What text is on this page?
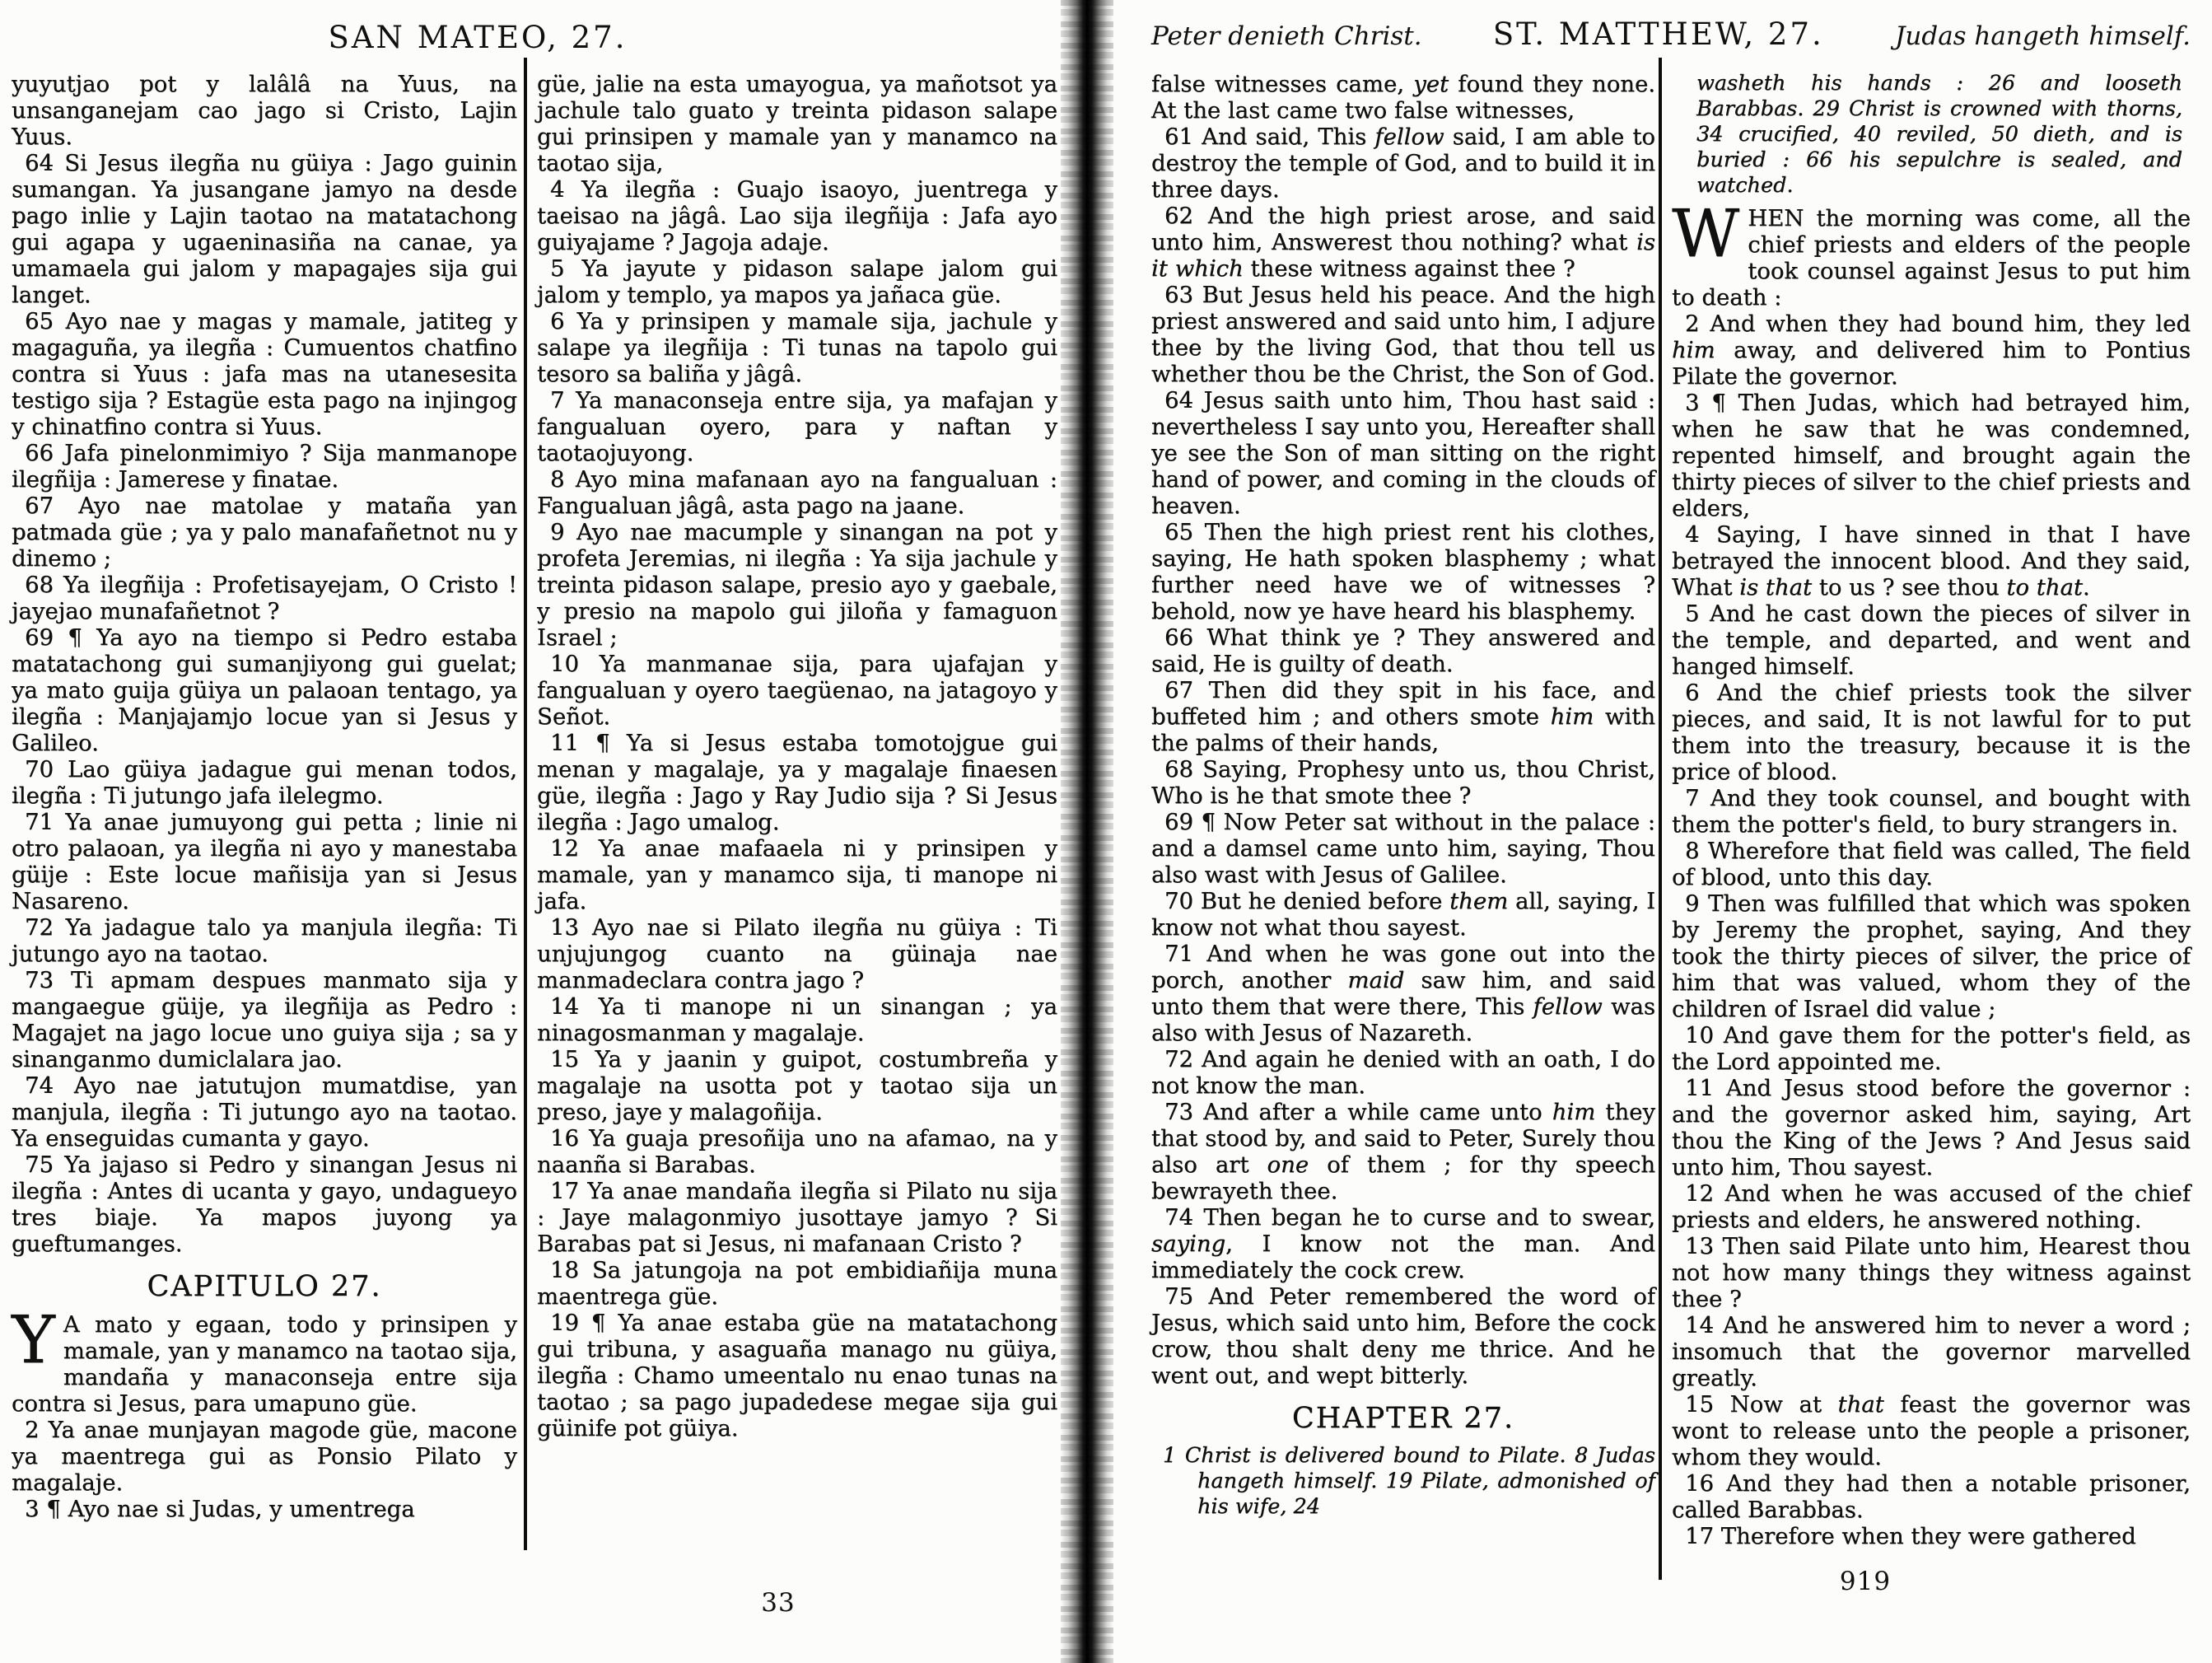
SAN MATEO, 27.

yuyutjao pot y lalâlâ na Yuus, na unsanganejam cao jago si Cristo, Lajin Yuus.

64 Si Jesus ilegña nu güiya : Jago guinin sumangan. Ya jusangane jamyo na desde pago inlie y Lajin taotao na matatachong gui agapa y ugaeninasiña na canae, ya umamaela gui jalom y mapagajes sija gui langet.

65 Ayo nae y magas y mamale, jatiteg y magaguña, ya ilegña : Cumuentos chatfino contra si Yuus : jafa mas na utanesesita testigo sija ? Estagüe esta pago na injingog y chinatfino contra si Yuus.

66 Jafa pinelonmimiyo ? Sija manmanope ilegñija : Jamerese y finatae.

67 Ayo nae matolae y mataña yan patmada güe ; ya y palo manafañetnot nu y dinemo ;

68 Ya ilegñija : Profetisayejam, O Cristo ! jayejao munafañetnot ?

69 ¶ Ya ayo na tiempo si Pedro estaba matatachong gui sumanjiyong gui guelat; ya mato guija güiya un palaoan tentago, ya ilegña : Manjajamjo locue yan si Jesus y Galileo.

70 Lao güiya jadague gui menan todos, ilegña : Ti jutungo jafa ilelegmo.

71 Ya anae jumuyong gui petta ; linie ni otro palaoan, ya ilegña ni ayo y manestaba güije : Este locue mañisija yan si Jesus Nasareno.

72 Ya jadague talo ya manjula ilegña: Ti jutungo ayo na taotao.

73 Ti apmam despues manmato sija y mangaegue güije, ya ilegñija as Pedro : Magajet na jago locue uno guiya sija ; sa y sinanganmo dumiclalara jao.

74 Ayo nae jatutujon mumatdise, yan manjula, ilegña : Ti jutungo ayo na taotao. Ya enseguidas cumanta y gayo.

75 Ya jajaso si Pedro y sinangan Jesus ni ilegña : Antes di ucanta y gayo, undagueyo tres biaje. Ya mapos juyong ya gueftumanges.

CAPITULO 27.

Y A mato y egaan, todo y prinsipen y mamale, yan y manamco na taotao sija, mandaña y manaconseja entre sija contra si Jesus, para umapuno güe.

2 Ya anae munjayan magode güe, macone ya maentrega gui as Ponsio Pilato y magalaje.

3 ¶ Ayo nae si Judas, y umentrega

güe, jalie na esta umayogua, ya mañotsot ya jachule talo guato y treinta pidason salape gui prinsipen y mamale yan y manamco na taotao sija,

4 Ya ilegña : Guajo isaoyo, juentrega y taeisao na jâgâ. Lao sija ilegñija : Jafa ayo guiyajame ? Jagoja adaje.

5 Ya jayute y pidason salape jalom gui jalom y templo, ya mapos ya jañaca güe.

6 Ya y prinsipen y mamale sija, jachule y salape ya ilegñija : Ti tunas na tapolo gui tesoro sa baliña y jâgâ.

7 Ya manaconseja entre sija, ya mafajan y fangualuan oyero, para y naftan y taotaojuyong.

8 Ayo mina mafanaan ayo na fangualuan : Fangualuan jâgâ, asta pago na jaane.

9 Ayo nae macumple y sinangan na pot y profeta Jeremias, ni ilegña : Ya sija jachule y treinta pidason salape, presio ayo y gaebale, y presio na mapolo gui jiloña y famaguon Israel ;

10 Ya manmanae sija, para ujafajan y fangualuan y oyero taegüenao, na jatagoyo y Señot.

11 ¶ Ya si Jesus estaba tomotojgue gui menan y magalaje, ya y magalaje finaesen güe, ilegña : Jago y Ray Judio sija ? Si Jesus ilegña : Jago umalog.

12 Ya anae mafaaela ni y prinsipen y mamale, yan y manamco sija, ti manope ni jafa.

13 Ayo nae si Pilato ilegña nu güiya : Ti unjujungog cuanto na güinaja nae manmadeclara contra jago ?

14 Ya ti manope ni un sinangan ; ya ninagosmanman y magalaje.

15 Ya y jaanin y guipot, costumbreña y magalaje na usotta pot y taotao sija un preso, jaye y malagoñija.

16 Ya guaja presoñija uno na afamao, na y naanña si Barabas.

17 Ya anae mandaña ilegña si Pilato nu sija : Jaye malagonmiyo jusottaye jamyo ? Si Barabas pat si Jesus, ni mafanaan Cristo ?

18 Sa jatungoja na pot embidiañija muna maentrega güe.

19 ¶ Ya anae estaba güe na matatachong gui tribuna, y asaguaña manago nu güiya, ilegña : Chamo umeentalo nu enao tunas na taotao ; sa pago jupadedese megae sija gui güinife pot güiya.

33
Peter denieth Christ. ST. MATTHEW, 27.	Judas hangeth himself.

false witnesses came, yet found they none. At the last came two false witnesses,

61 And said, This fellow said, I am able to destroy the temple of God, and to build it in three days.

62 And the high priest arose, and said unto him, Answerest thou nothing? what is it which these witness against thee ?

63 But Jesus held his peace. And the high priest answered and said unto him, I adjure thee by the living God, that thou tell us whether thou be the Christ, the Son of God.

64 Jesus saith unto him, Thou hast said : nevertheless I say unto you, Hereafter shall ye see the Son of man sitting on the right hand of power, and coming in the clouds of heaven.

65 Then the high priest rent his clothes, saying, He hath spoken blasphemy ; what further need have we of witnesses ? behold, now ye have heard his blasphemy.

66 What think ye ? They answered and said, He is guilty of death.

67 Then did they spit in his face, and buffeted him ; and others smote him with the palms of their hands,

68 Saying, Prophesy unto us, thou Christ, Who is he that smote thee ?

69 ¶ Now Peter sat without in the palace : and a damsel came unto him, saying, Thou also wast with Jesus of Galilee.

70 But he denied before them all, saying, I know not what thou sayest.

71 And when he was gone out into the porch, another maid saw him, and said unto them that were there, This fellow was also with Jesus of Nazareth.

72 And again he denied with an oath, I do not know the man.

73 And after a while came unto him they that stood by, and said to Peter, Surely thou also art one of them ; for thy speech bewrayeth thee.

74 Then began he to curse and to swear, saying, I know not the man. And immediately the cock crew.

75 And Peter remembered the word of Jesus, which said unto him, Before the cock crow, thou shalt deny me thrice. And he went out, and wept bitterly.

CHAPTER 27.

1 Christ is delivered bound to Pilate. 8 Judas hangeth himself. 19 Pilate, admonished of his wife, 24

washeth his hands : 26 and looseth Barabbas. 29 Christ is crowned with thorns, 34 crucified, 40 reviled, 50 dieth, and is buried : 66 his sepulchre is sealed, and watched.

WHEN the morning was come, all the chief priests and elders of the people took counsel against Jesus to put him to death :

2 And when they had bound him, they led him away, and delivered him to Pontius Pilate the governor.

3 ¶ Then Judas, which had betrayed him, when he saw that he was condemned, repented himself, and brought again the thirty pieces of silver to the chief priests and elders,

4 Saying, I have sinned in that I have betrayed the innocent blood. And they said, What is that to us ? see thou to that.

5 And he cast down the pieces of silver in the temple, and departed, and went and hanged himself.

6 And the chief priests took the silver pieces, and said, It is not lawful for to put them into the treasury, because it is the price of blood.

7 And they took counsel, and bought with them the potter's field, to bury strangers in.

8 Wherefore that field was called, The field of blood, unto this day.

9 Then was fulfilled that which was spoken by Jeremy the prophet, saying, And they took the thirty pieces of silver, the price of him that was valued, whom they of the children of Israel did value ;

10 And gave them for the potter's field, as the Lord appointed me.

11 And Jesus stood before the governor : and the governor asked him, saying, Art thou the King of the Jews ? And Jesus said unto him, Thou sayest.

12 And when he was accused of the chief priests and elders, he answered nothing.

13 Then said Pilate unto him, Hearest thou not how many things they witness against thee ?

14 And he answered him to never a word ; insomuch that the governor marvelled greatly.

15 Now at that feast the governor was wont to release unto the people a prisoner, whom they would.

16 And they had then a notable prisoner, called Barabbas.

17 Therefore when they were gathered

919
